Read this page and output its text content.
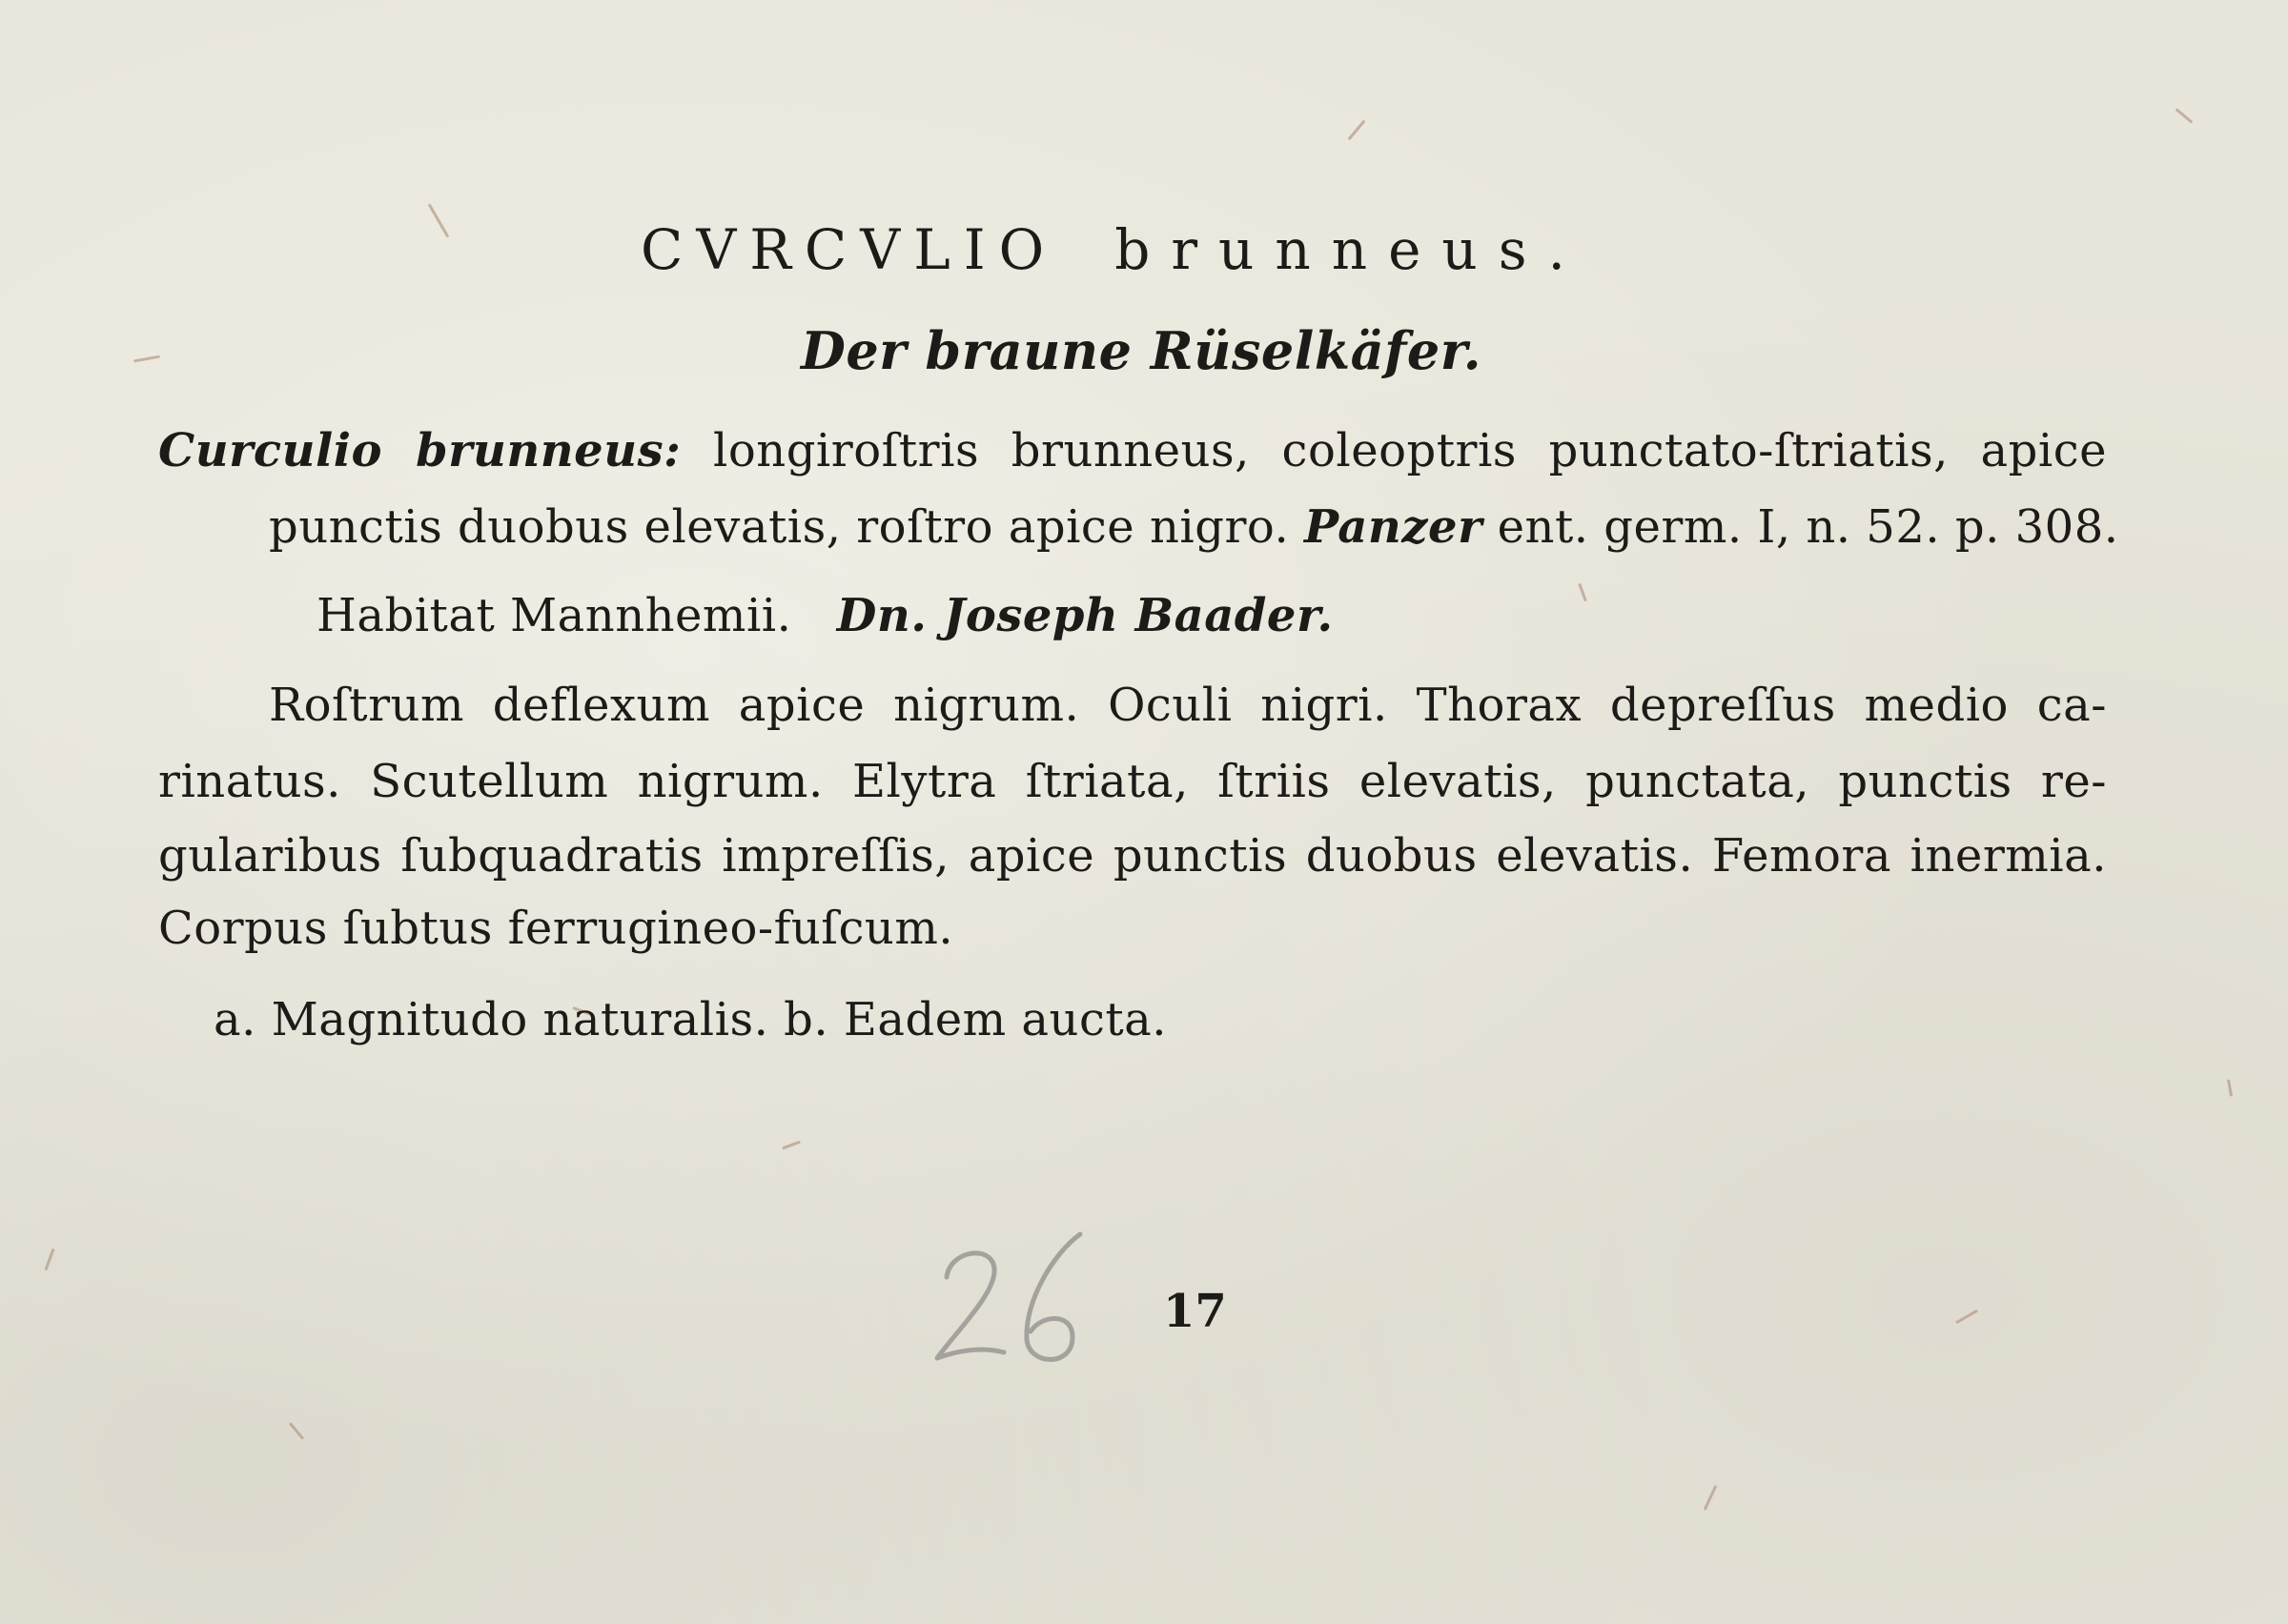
CVRCVLIO brunneus.
Der braune Rüselkäfer.
Curculio brunneus: longiroſtris brunneus, coleoptris punctato-ſtriatis, apice
punctis duobus elevatis, roſtro apice nigro. Panzer ent. germ. I, n. 52. p. 308.
Habitat Mannhemii. Dn. Joseph Baader.
Roſtrum deflexum apice nigrum. Oculi nigri. Thorax depreſſus medio ca-
rinatus. Scutellum nigrum. Elytra ſtriata, ſtriis elevatis, punctata, punctis re-
gularibus ſubquadratis impreſſis, apice punctis duobus elevatis. Femora inermia.
Corpus ſubtus ferrugineo-fuſcum.
a. Magnitudo naturalis. b. Eadem aucta.
17
